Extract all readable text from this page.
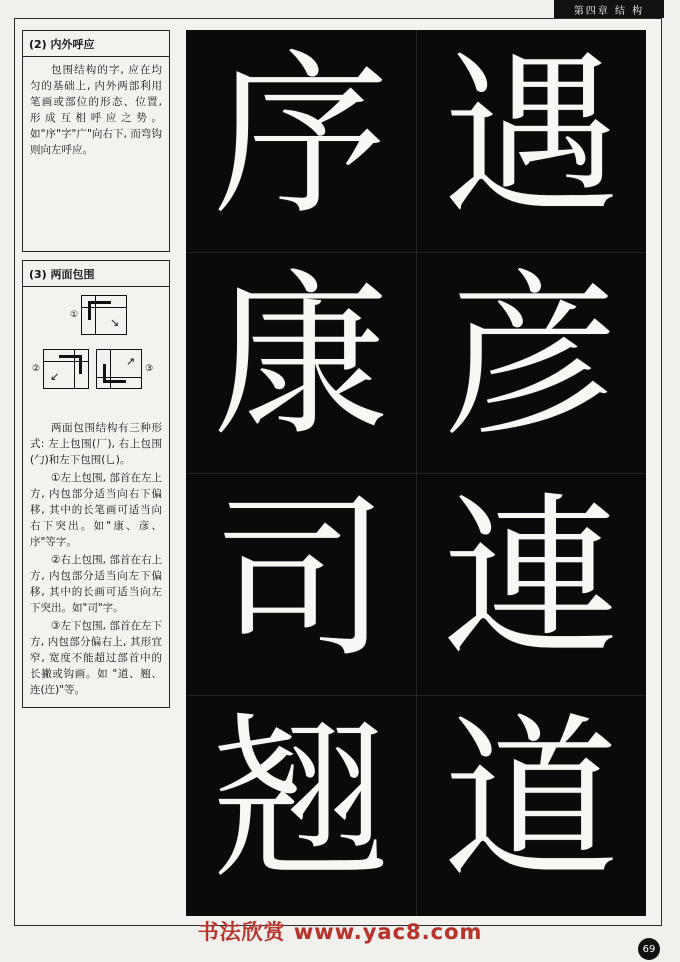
第四章 结 构
(2) 内外呼应

包围结构的字, 应在均匀的基础上, 内外两部利用笔画或部位的形态、位置, 形成互相呼应之势。如"序"字"广"向右下, 而弯钩则向左呼应。

(3) 两面包围
①
↘
②
↙
↗
③

两面包围结构有三种形式: 左上包围(厂), 右上包围(勹)和左下包围(乚)。

①左上包围, 部首在左上方, 内包部分适当向右下偏移, 其中的长笔画可适当向右下突出。如"康、彦、序"等字。

②右上包围, 部首在右上方, 内包部分适当向左下偏移, 其中的长画可适当向左下突出。如"司"字。

③左下包围, 部首在左下方, 内包部分偏右上, 其形宜窄, 宽度不能超过部首中的长撇或钩画。如 "道、翘、连(迕)"等。

序 遇
康 彦
司 連
翘 道
书法欣赏 www.yac8.com
69
